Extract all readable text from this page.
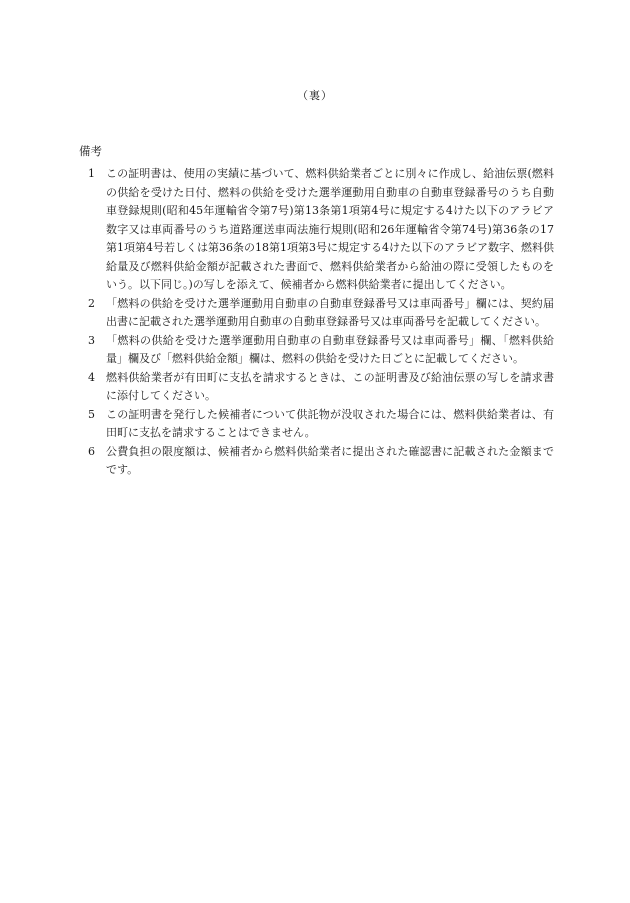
（裏）
備考
1	この証明書は、使用の実績に基づいて、燃料供給業者ごとに別々に作成し、給油伝票(燃料の供給を受けた日付、燃料の供給を受けた選挙運動用自動車の自動車登録番号のうち自動車登録規則(昭和45年運輸省令第7号)第13条第1項第4号に規定する4けた以下のアラビア数字又は車両番号のうち道路運送車両法施行規則(昭和26年運輸省令第74号)第36条の17第1項第4号若しくは第36条の18第1項第3号に規定する4けた以下のアラビア数字、燃料供給量及び燃料供給金額が記載された書面で、燃料供給業者から給油の際に受領したものをいう。以下同じ。)の写しを添えて、候補者から燃料供給業者に提出してください。
2	「燃料の供給を受けた選挙運動用自動車の自動車登録番号又は車両番号」欄には、契約届出書に記載された選挙運動用自動車の自動車登録番号又は車両番号を記載してください。
3	「燃料の供給を受けた選挙運動用自動車の自動車登録番号又は車両番号」欄、「燃料供給量」欄及び「燃料供給金額」欄は、燃料の供給を受けた日ごとに記載してください。
4	燃料供給業者が有田町に支払を請求するときは、この証明書及び給油伝票の写しを請求書に添付してください。
5	この証明書を発行した候補者について供託物が没収された場合には、燃料供給業者は、有田町に支払を請求することはできません。
6	公費負担の限度額は、候補者から燃料供給業者に提出された確認書に記載された金額までです。
